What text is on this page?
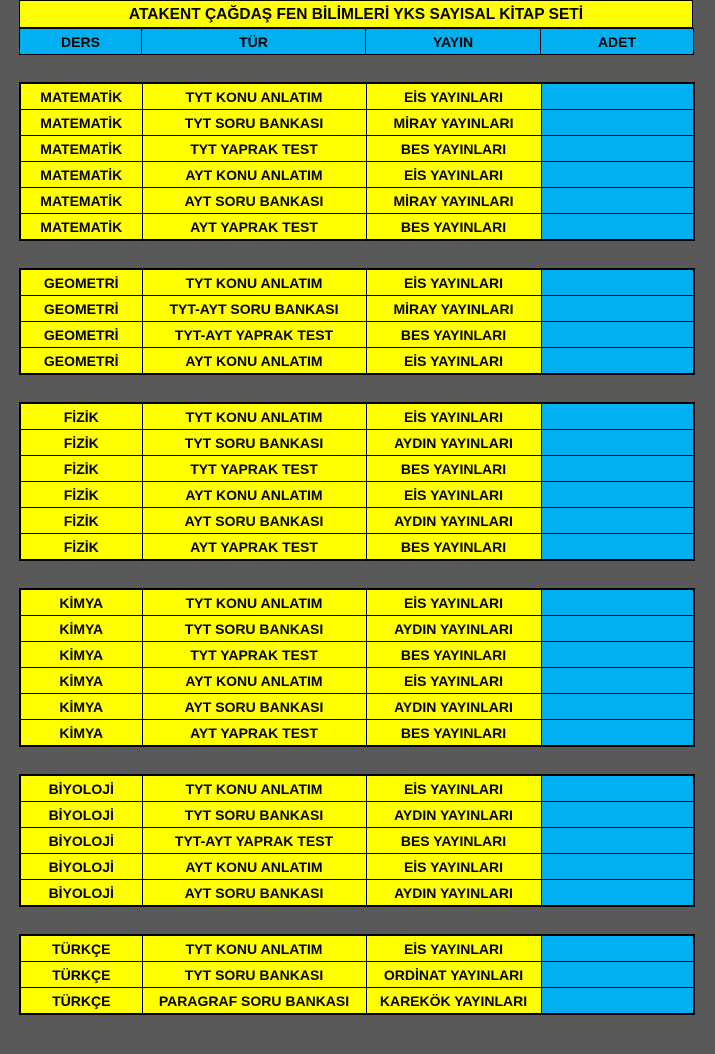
ATAKENT ÇAĞDAŞ FEN BİLİMLERİ YKS SAYISAL KİTAP SETİ
DERS	TÜR	YAYIN	ADET
MATEMATİK	TYT KONU ANLATIM	EİS YAYINLARI	
MATEMATİK	TYT SORU BANKASI	MİRAY YAYINLARI	
MATEMATİK	TYT YAPRAK TEST	BES YAYINLARI	
MATEMATİK	AYT KONU ANLATIM	EİS YAYINLARI	
MATEMATİK	AYT SORU BANKASI	MİRAY YAYINLARI	
MATEMATİK	AYT YAPRAK TEST	BES YAYINLARI	
GEOMETRİ	TYT KONU ANLATIM	EİS YAYINLARI	
GEOMETRİ	TYT-AYT SORU BANKASI	MİRAY YAYINLARI	
GEOMETRİ	TYT-AYT YAPRAK TEST	BES YAYINLARI	
GEOMETRİ	AYT KONU ANLATIM	EİS YAYINLARI	
FİZİK	TYT KONU ANLATIM	EİS YAYINLARI	
FİZİK	TYT SORU BANKASI	AYDIN YAYINLARI	
FİZİK	TYT YAPRAK TEST	BES YAYINLARI	
FİZİK	AYT KONU ANLATIM	EİS YAYINLARI	
FİZİK	AYT SORU BANKASI	AYDIN YAYINLARI	
FİZİK	AYT YAPRAK TEST	BES YAYINLARI	
KİMYA	TYT KONU ANLATIM	EİS YAYINLARI	
KİMYA	TYT SORU BANKASI	AYDIN YAYINLARI	
KİMYA	TYT YAPRAK TEST	BES YAYINLARI	
KİMYA	AYT KONU ANLATIM	EİS YAYINLARI	
KİMYA	AYT SORU BANKASI	AYDIN YAYINLARI	
KİMYA	AYT YAPRAK TEST	BES YAYINLARI	
BİYOLOJİ	TYT KONU ANLATIM	EİS YAYINLARI	
BİYOLOJİ	TYT SORU BANKASI	AYDIN YAYINLARI	
BİYOLOJİ	TYT-AYT YAPRAK TEST	BES YAYINLARI	
BİYOLOJİ	AYT KONU ANLATIM	EİS YAYINLARI	
BİYOLOJİ	AYT SORU BANKASI	AYDIN YAYINLARI	
TÜRKÇE	TYT KONU ANLATIM	EİS YAYINLARI	
TÜRKÇE	TYT SORU BANKASI	ORDİNAT YAYINLARI	
TÜRKÇE	PARAGRAF SORU BANKASI	KAREKÖK YAYINLARI	
